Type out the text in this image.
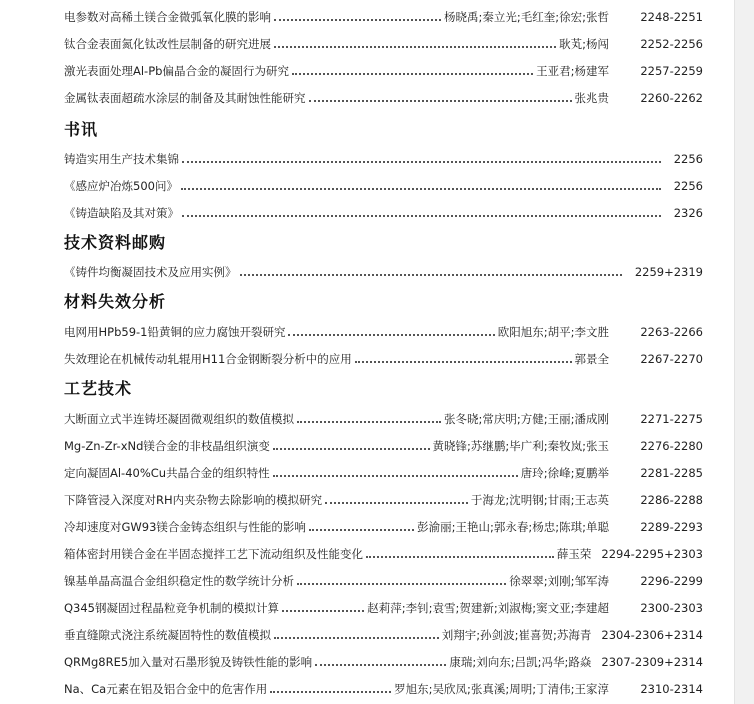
电参数对高稀土镁合金微弧氧化膜的影响	杨晓禹;秦立光;毛红奎;徐宏;张哲	2248-2251
钛合金表面氮化钛改性层制备的研究进展	耿芄;杨闯	2252-2256
激光表面处理Al-Pb偏晶合金的凝固行为研究	王亚君;杨建军	2257-2259
金属钛表面超疏水涂层的制备及其耐蚀性能研究	张兆贵	2260-2262
书讯
铸造实用生产技术集锦	2256
《感应炉冶炼500问》	2256
《铸造缺陷及其对策》	2326
技术资料邮购
《铸件均衡凝固技术及应用实例》	2259+2319
材料失效分析
电网用HPb59-1铅黄铜的应力腐蚀开裂研究	欧阳旭东;胡平;李文胜	2263-2266
失效理论在机械传动轧辊用H11合金钢断裂分析中的应用	郭景全	2267-2270
工艺技术
大断面立式半连铸坯凝固微观组织的数值模拟	张冬晓;常庆明;方健;王丽;潘成刚	2271-2275
Mg-Zn-Zr-xNd镁合金的非枝晶组织演变	黄晓锋;苏继鹏;毕广利;秦牧岚;张玉	2276-2280
定向凝固Al-40%Cu共晶合金的组织特性	唐玲;徐峰;夏鹏举	2281-2285
下降管浸入深度对RH内夹杂物去除影响的模拟研究	于海龙;沈明钢;甘雨;王志英	2286-2288
冷却速度对GW93镁合金铸态组织与性能的影响	彭渝丽;王艳山;郭永春;杨忠;陈琪;单聪	2289-2293
箱体密封用镁合金在半固态搅拌工艺下流动组织及性能变化	薛玉荣 2294-2295+2303
镍基单晶高温合金组织稳定性的数学统计分析	徐翠翠;刘刚;邹军涛	2296-2299
Q345钢凝固过程晶粒竞争机制的模拟计算	赵莉萍;李钊;袁雪;贺建新;刘淑梅;窦文亚;李建超	2300-2303
垂直缝隙式浇注系统凝固特性的数值模拟	刘翔宇;孙剑波;崔喜贺;苏海青 2304-2306+2314
QRMg8RE5加入量对石墨形貌及铸铁性能的影响	康瑞;刘向东;吕凯;冯华;路焱 2307-2309+2314
Na、Ca元素在铝及铝合金中的危害作用	罗旭东;吴欣凤;张真溪;周明;丁清伟;王家淳	2310-2314
